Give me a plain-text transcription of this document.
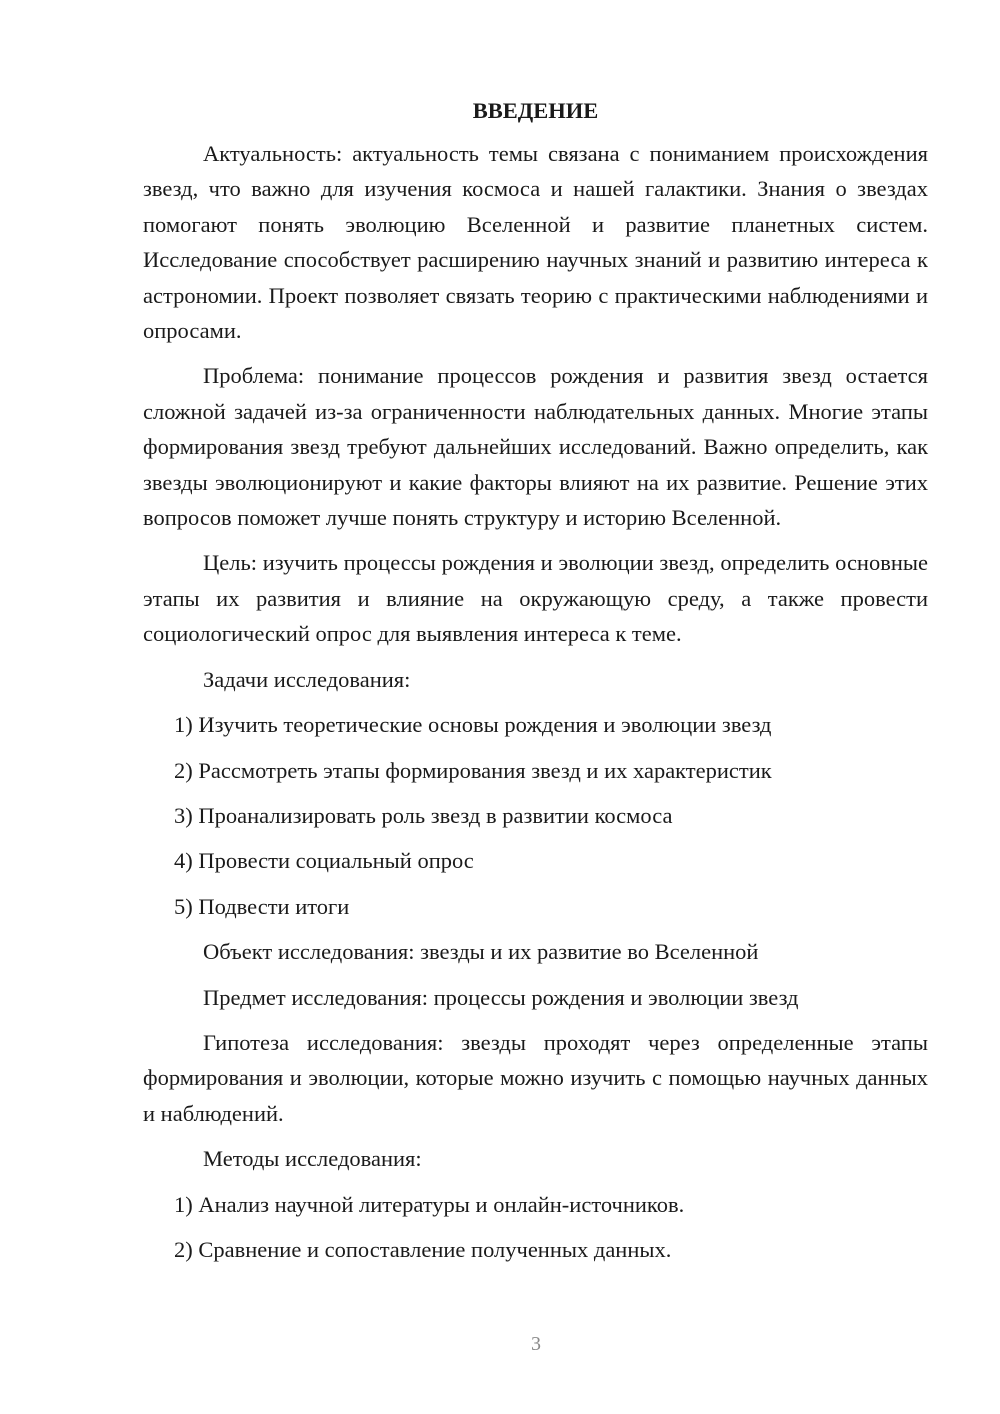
ВВЕДЕНИЕ

Актуальность: актуальность темы связана с пониманием происхождения звезд, что важно для изучения космоса и нашей галактики. Знания о звездах помогают понять эволюцию Вселенной и развитие планетных систем. Исследование способствует расширению научных знаний и развитию интереса к астрономии. Проект позволяет связать теорию с практическими наблюдениями и опросами.

Проблема: понимание процессов рождения и развития звезд остается сложной задачей из-за ограниченности наблюдательных данных. Многие этапы формирования звезд требуют дальнейших исследований. Важно определить, как звезды эволюционируют и какие факторы влияют на их развитие. Решение этих вопросов поможет лучше понять структуру и историю Вселенной.

Цель: изучить процессы рождения и эволюции звезд, определить основные этапы их развития и влияние на окружающую среду, а также провести социологический опрос для выявления интереса к теме.

Задачи исследования:
1) Изучить теоретические основы рождения и эволюции звезд
2) Рассмотреть этапы формирования звезд и их характеристик
3) Проанализировать роль звезд в развитии космоса
4) Провести социальный опрос
5) Подвести итоги
Объект исследования: звезды и их развитие во Вселенной
Предмет исследования: процессы рождения и эволюции звезд

Гипотеза исследования: звезды проходят через определенные этапы формирования и эволюции, которые можно изучить с помощью научных данных и наблюдений.

Методы исследования:
1) Анализ научной литературы и онлайн-источников.
2) Сравнение и сопоставление полученных данных.
3
